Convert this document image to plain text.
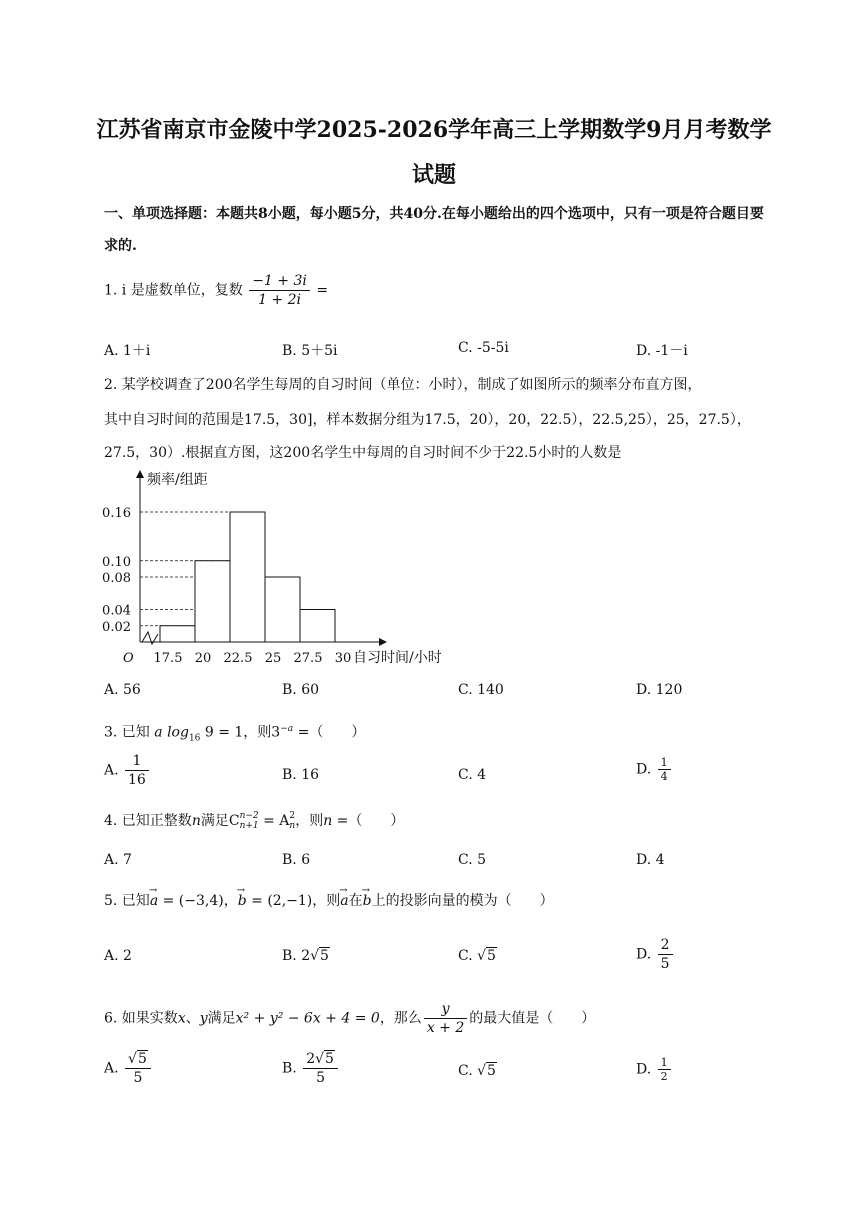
江苏省南京市金陵中学2025-2026学年高三上学期数学9月月考数学
试题
一、单项选择题：本题共8小题，每小题5分，共40分.在每小题给出的四个选项中，只有一项是符合题目要求的.
1. i 是虚数单位，复数 $\frac{-1 + 3i}{1 + 2i}$ =
A. 1＋i	B. 5＋5i	C. -5-5i	D. -1－i
2. 某学校调查了200名学生每周的自习时间（单位：小时），制成了如图所示的频率分布直方图，
其中自习时间的范围是17.5，30]，样本数据分组为17.5，20），20，22.5），22.5,25），25，27.5），
27.5，30）.根据直方图，这200名学生中每周的自习时间不少于22.5小时的人数是
0.02
0.04
0.08
0.10
0.16
17.5 20 22.5 25 27.5 30
O
频率/组距
自习时间/小时
A. 56	B. 60	C. 140	D. 120
3. 已知 a $\log_{16} 9 = 1$，则$3^{-a}$ =（　　）
A. $\frac{1}{16}$	B. 16	C. 4	D. $\frac{1}{4}$
4. 已知正整数n满足C n−2
n+1 = A 2
n ，则n =（　　）
A. 7	B. 6	C. 5	D. 4
5. 已知→ a = (−3,4)，→ b = (2,−1)，则→ a在→ b上的投影向量的模为（　　）
A. 2	B. 2√5	C. √5	D. $\frac{2}{5}$
6. 如果实数x、y满足x² + y² − 6x + 4 = 0，那么 $\frac{y}{x + 2}$ 的最大值是（　　）
A. $\frac{√5}{5}$	B. $\frac{2√5}{5}$	C. √5	D. $\frac{1}{2}$
